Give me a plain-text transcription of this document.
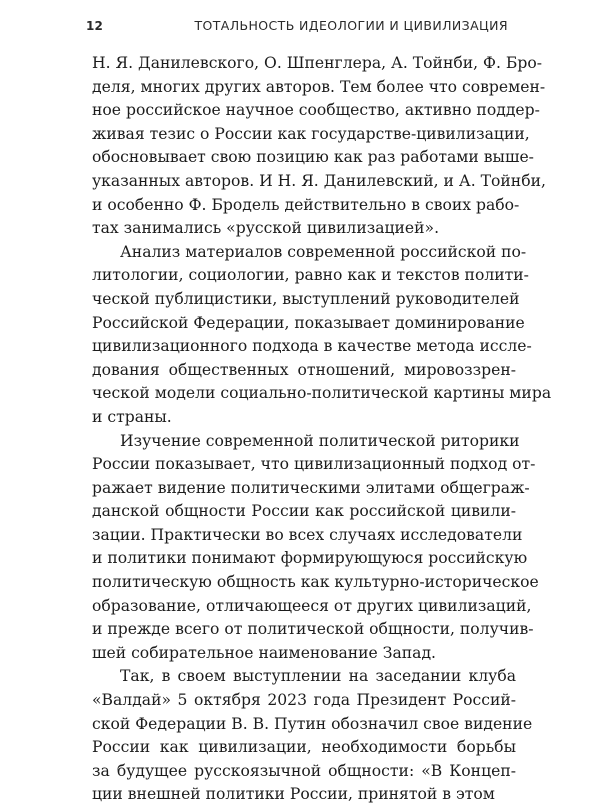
12	ТОТАЛЬНОСТЬ ИДЕОЛОГИИ И ЦИВИЛИЗАЦИЯ
Н. Я. Данилевского, О. Шпенглера, А. Тойнби, Ф. Бро-
деля, многих других авторов. Тем более что современ-
ное российское научное сообщество, активно поддер-
живая тезис о России как государстве-цивилизации,
обосновывает свою позицию как раз работами выше-
указанных авторов. И Н. Я. Данилевский, и А. Тойнби,
и особенно Ф. Бродель действительно в своих рабо-
тах занимались «русской цивилизацией».
Анализ материалов современной российской по-
литологии, социологии, равно как и текстов полити-
ческой публицистики, выступлений руководителей
Российской Федерации, показывает доминирование
цивилизационного подхода в качестве метода иссле-
дования общественных отношений, мировоззрен-
ческой модели социально-политической картины мира
и страны.
Изучение современной политической риторики
России показывает, что цивилизационный подход от-
ражает видение политическими элитами общеграж-
данской общности России как российской цивили-
зации. Практически во всех случаях исследователи
и политики понимают формирующуюся российскую
политическую общность как культурно-историческое
образование, отличающееся от других цивилизаций,
и прежде всего от политической общности, получив-
шей собирательное наименование Запад.
Так, в своем выступлении на заседании клуба
«Валдай» 5 октября 2023 года Президент Россий-
ской Федерации В. В. Путин обозначил свое видение
России как цивилизации, необходимости борьбы
за будущее русскоязычной общности: «В Концеп-
ции внешней политики России, принятой в этом
